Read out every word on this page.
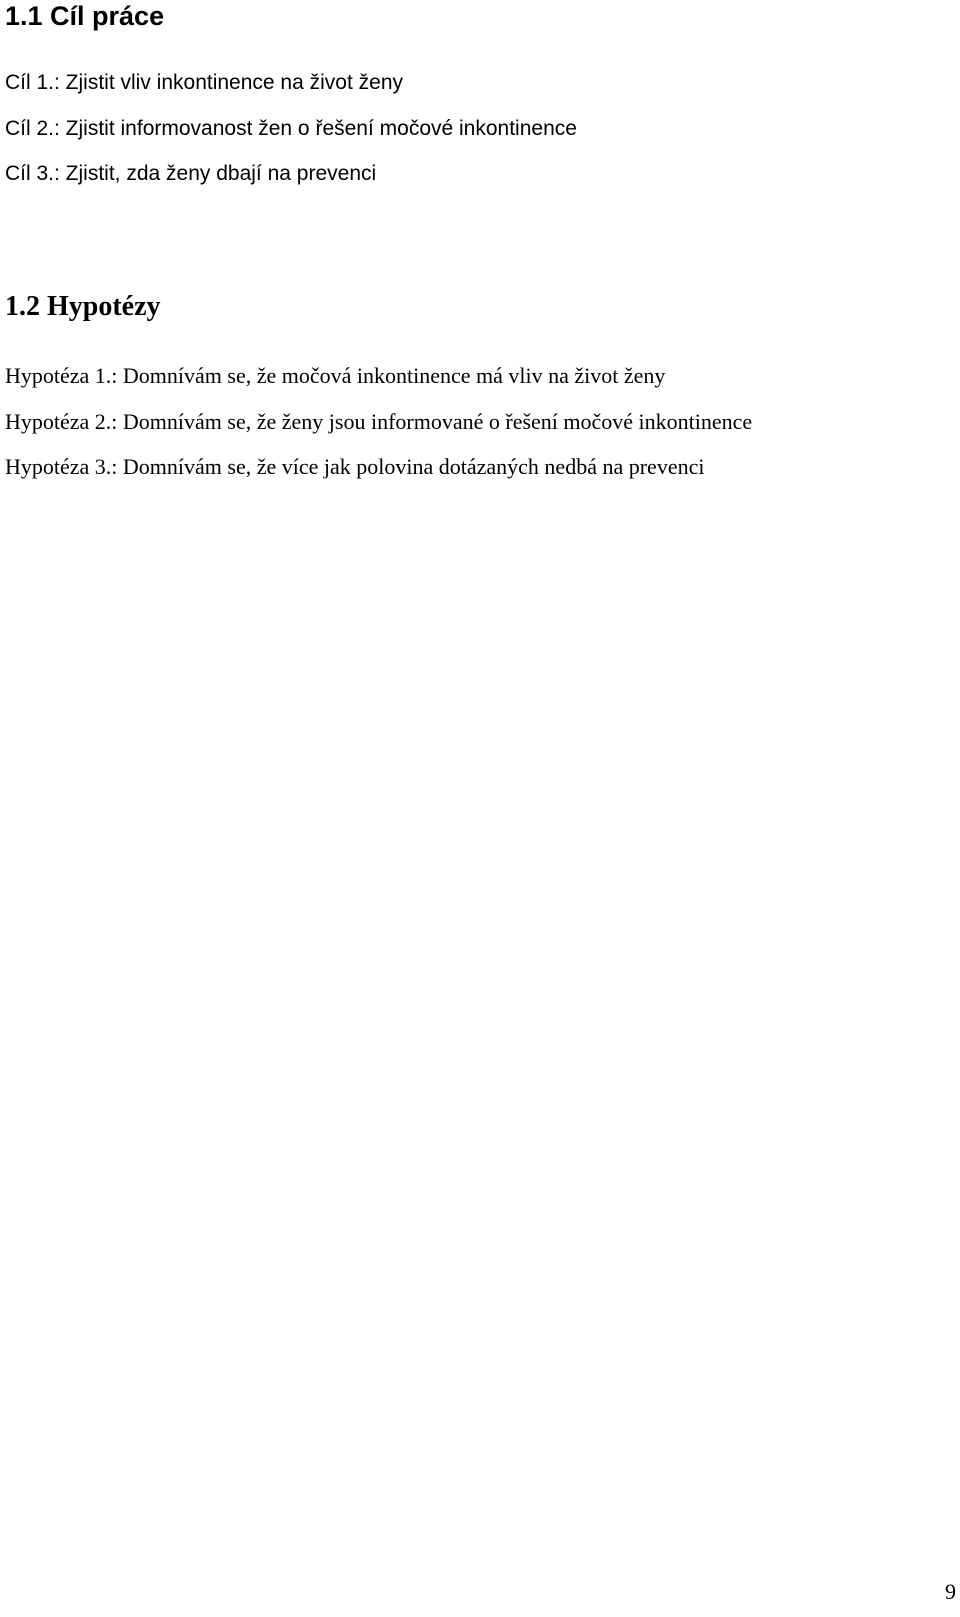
1.1 Cíl práce

Cíl 1.: Zjistit vliv inkontinence na život ženy

Cíl 2.: Zjistit informovanost žen o řešení močové inkontinence

Cíl 3.: Zjistit, zda ženy dbají na prevenci

1.2 Hypotézy

Hypotéza 1.: Domnívám se, že močová inkontinence má vliv na život ženy

Hypotéza 2.: Domnívám se, že ženy jsou informované o řešení močové inkontinence

Hypotéza 3.: Domnívám se, že více jak polovina dotázaných nedbá na prevenci

9
